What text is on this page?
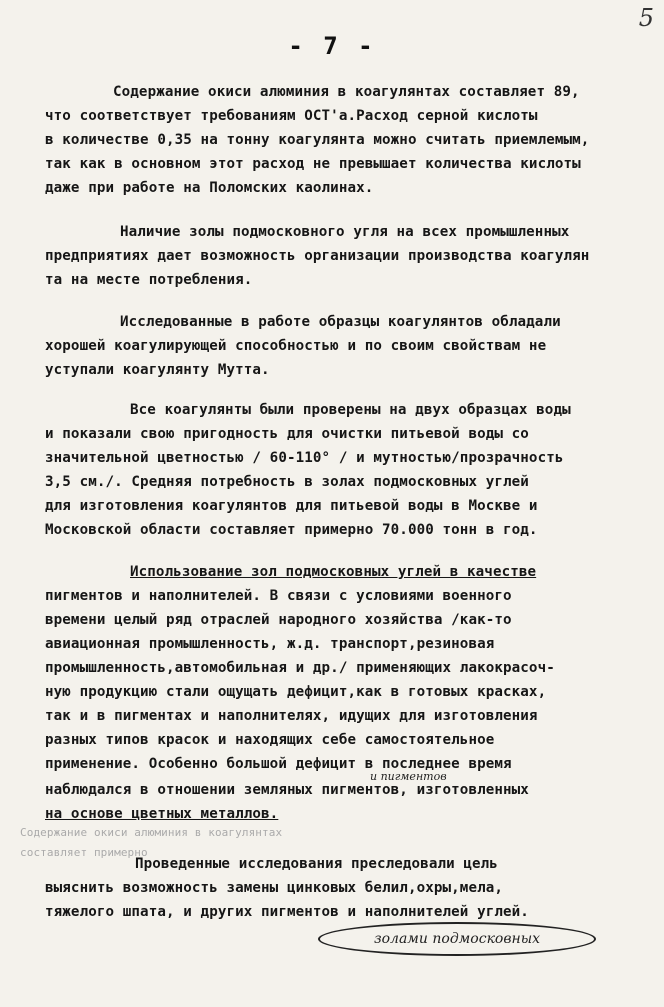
5
- 7 -
Содержание окиси алюминия в коагулянтах составляет 89,
что соответствует требованиям ОСТ'а.Расход серной кислоты
в количестве 0,35 на тонну коагулянта можно считать приемлемым,
так как в основном этот расход не превышает количества кислоты
даже при работе на Поломских каолинах.
Наличие золы подмосковного угля на всех промышленных
предприятиях дает возможность организации производства коагулян
та на месте потребления.
Исследованные в работе образцы коагулянтов обладали
хорошей коагулирующей способностью и по своим свойствам не
уступали коагулянту Мутта.
Все коагулянты были проверены на двух образцах воды
и показали свою пригодность для очистки питьевой воды со
значительной цветностью / 60-110° / и мутностью/прозрачность
3,5 см./. Средняя потребность в золах подмосковных углей
для изготовления коагулянтов для питьевой воды в Москве и
Московской области составляет примерно 70.000 тонн в год.
Использование зол подмосковных углей в качестве
пигментов и наполнителей. В связи с условиями военного
времени целый ряд отраслей народного хозяйства /как-то
авиационная промышленность, ж.д. транспорт,резиновая
промышленность,автомобильная и др./ применяющих лакокрасоч-
ную продукцию стали ощущать дефицит,как в готовых красках,
так и в пигментах и наполнителях, идущих для изготовления
разных типов красок и находящих себе самостоятельное
применение. Особенно большой дефицит в последнее время
и пигментов
наблюдался в отношении земляных пигментов, изготовленных
на основе цветных металлов.
Содержание окиси алюминия в коагулянтах
составляет примерно
Проведенные исследования преследовали цель
выяснить возможность замены цинковых белил,охры,мела,
тяжелого шпата, и других пигментов и наполнителей углей.
золами подмосковных
